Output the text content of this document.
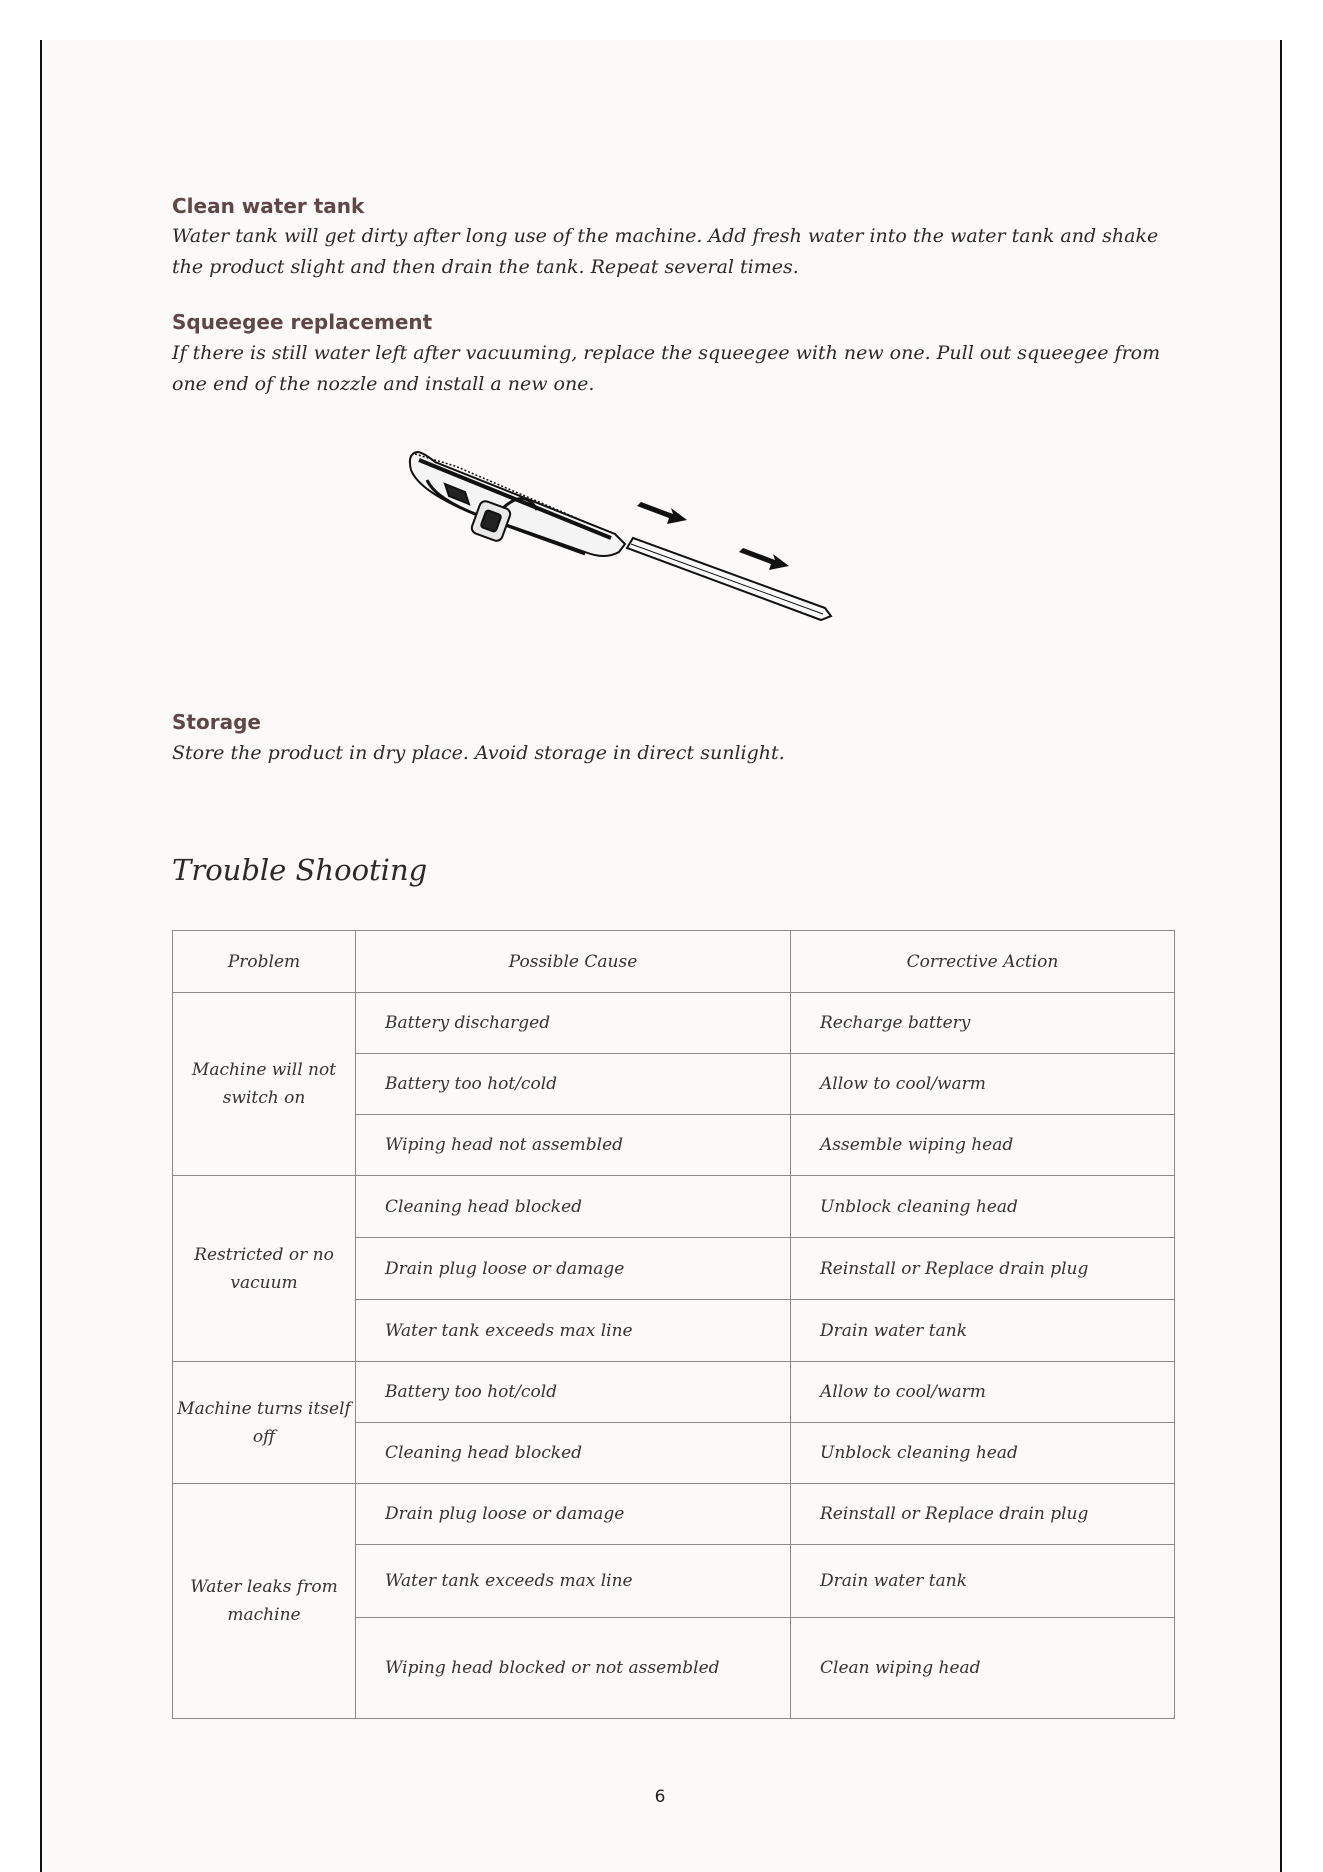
Clean water tank
Water tank will get dirty after long use of the machine. Add fresh water into the water tank and shake the product slight and then drain the tank. Repeat several times.
Squeegee replacement
If there is still water left after vacuuming, replace the squeegee with new one. Pull out squeegee from one end of the nozzle and install a new one.
Storage
Store the product in dry place. Avoid storage in direct sunlight.
Trouble Shooting
Problem	Possible Cause	Corrective Action
Machine will not switch on	Battery discharged	Recharge battery
	Battery too hot/cold	Allow to cool/warm
	Wiping head not assembled	Assemble wiping head
Restricted or no vacuum	Cleaning head blocked	Unblock cleaning head
	Drain plug loose or damage	Reinstall or Replace drain plug
	Water tank exceeds max line	Drain water tank
Machine turns itself off	Battery too hot/cold	Allow to cool/warm
	Cleaning head blocked	Unblock cleaning head
Water leaks from machine	Drain plug loose or damage	Reinstall or Replace drain plug
	Water tank exceeds max line	Drain water tank
	Wiping head blocked or not assembled	Clean wiping head
6
